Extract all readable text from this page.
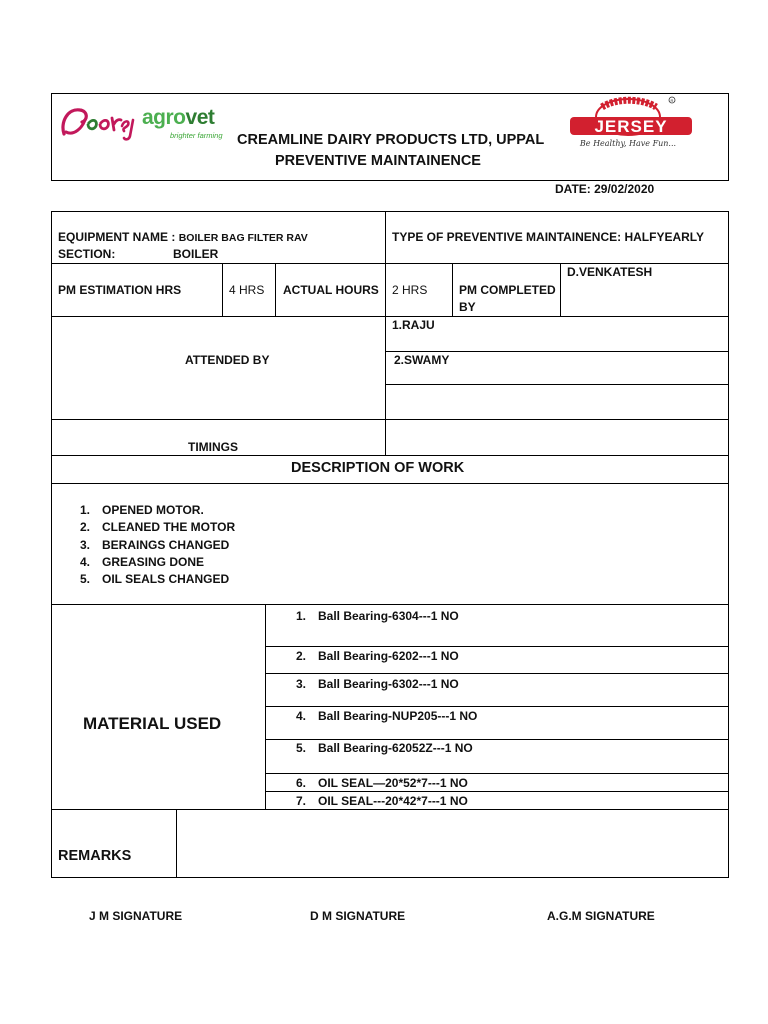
agrovet
brighter farming CREAMLINE DAIRY PRODUCTS LTD, UPPAL
PREVENTIVE MAINTAINENCE
JERSEY
R
Be Healthy, Have Fun...
DATE: 29/02/2020
EQUIPMENT NAME : BOILER BAG FILTER RAV
SECTION:	BOILER
TYPE OF PREVENTIVE MAINTAINENCE: HALFYEARLY
PM ESTIMATION HRS	4 HRS ACTUAL HOURS 2 HRS	PM COMPLETED
BY
D.VENKATESH
ATTENDED BY
1.RAJU
2.SWAMY
TIMINGS
DESCRIPTION OF WORK
1. OPENED MOTOR.
2. CLEANED THE MOTOR
3. BERAINGS CHANGED
4. GREASING DONE
5. OIL SEALS CHANGED
MATERIAL USED
1. Ball Bearing-6304---1 NO
2. Ball Bearing-6202---1 NO
3. Ball Bearing-6302---1 NO
4. Ball Bearing-NUP205---1 NO
5. Ball Bearing-62052Z---1 NO
6. OIL SEAL—20*52*7---1 NO
7. OIL SEAL---20*42*7---1 NO
REMARKS
J M SIGNATURE	D M SIGNATURE	A.G.M SIGNATURE
